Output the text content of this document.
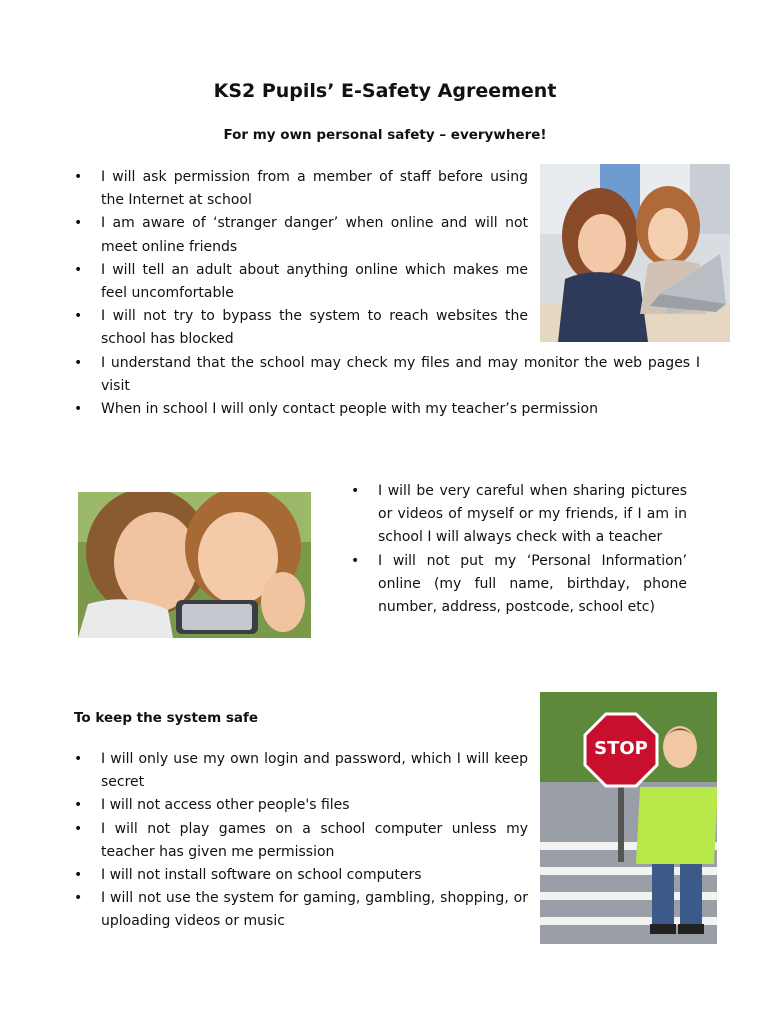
KS2 Pupils’ E-Safety Agreement

For my own personal safety – everywhere!

• I will ask permission from a member of staff before using the Internet at school
• I am aware of ‘stranger danger’ when online and will not meet online friends
• I will tell an adult about anything online which makes me feel uncomfortable
• I will not try to bypass the system to reach websites the school has blocked
• I understand that the school may check my files and may monitor the web pages I visit
• When in school I will only contact people with my teacher’s permission
• I will be very careful when sharing pictures or videos of myself or my friends, if I am in school I will always check with a teacher
• I will not put my ‘Personal Information’ online (my full name, birthday, phone number, address, postcode, school etc)

To keep the system safe

• I will only use my own login and password, which I will keep secret
• I will not access other people's files
• I will not play games on a school computer unless my teacher has given me permission
• I will not install software on school computers
• I will not use the system for gaming, gambling, shopping, or uploading videos or music
STOP
